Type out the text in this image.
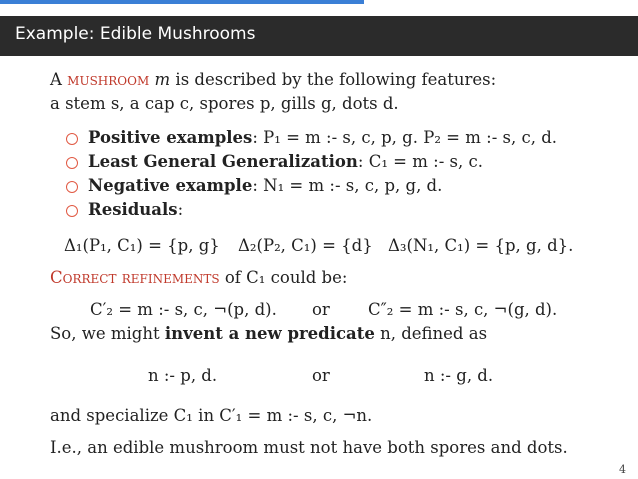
Example: Edible Mushrooms
A mushroom m is described by the following features:
a stem s, a cap c, spores p, gills g, dots d.
Positive examples: P₁ = m :- s, c, p, g. P₂ = m :- s, c, d.
Least General Generalization: C₁ = m :- s, c.
Negative example: N₁ = m :- s, c, p, g, d.
Residuals:
Δ₁(P₁, C₁) = {p, g} Δ₂(P₂, C₁) = {d} Δ₃(N₁, C₁) = {p, g, d}.
Correct refinements of C₁ could be:
C′₂ = m :- s, c, ¬(p, d). or C″₂ = m :- s, c, ¬(g, d).
So, we might invent a new predicate n, defined as
n :- p, d.	or	n :- g, d.
and specialize C₁ in C′₁ = m :- s, c, ¬n.
I.e., an edible mushroom must not have both spores and dots.
4
